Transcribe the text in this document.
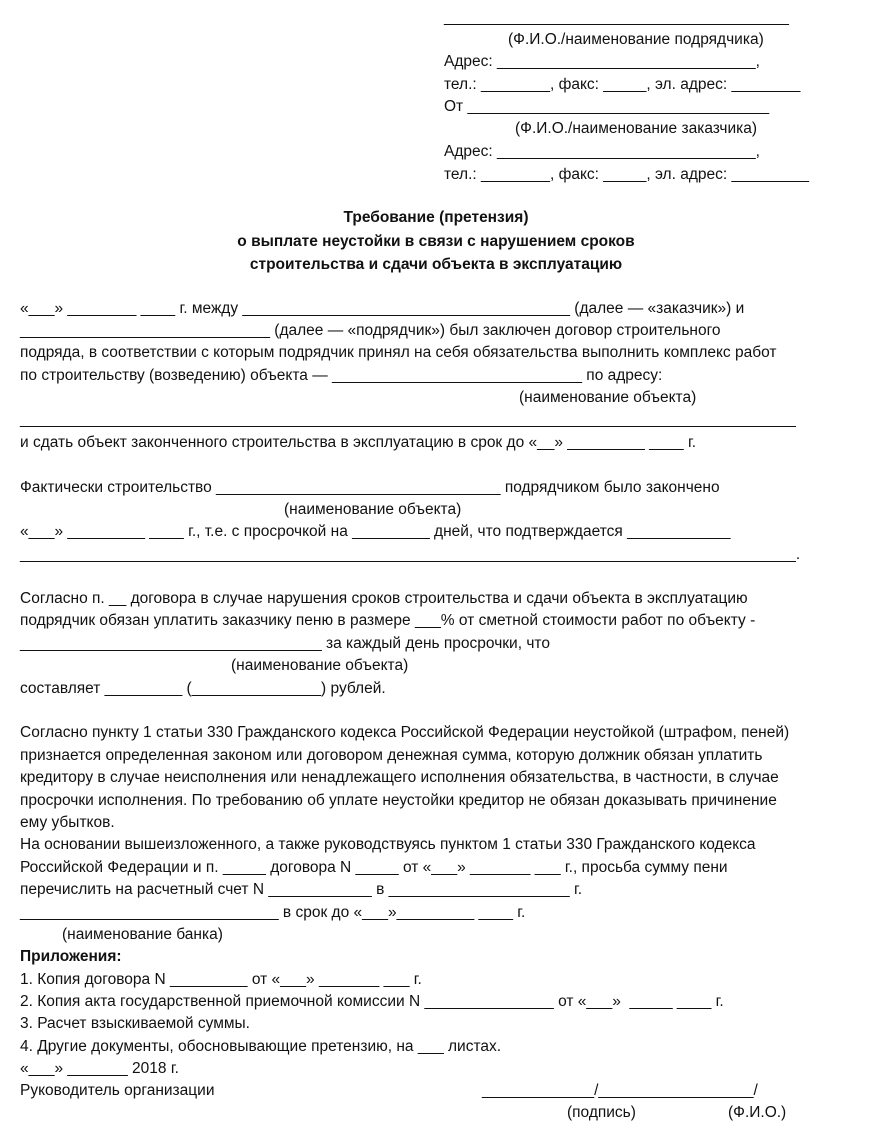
________________________________________
(Ф.И.О./наименование подрядчика)
Адрес: ______________________________,
тел.: ________, факс: _____, эл. адрес: ________
От ___________________________________
(Ф.И.О./наименование заказчика)
Адрес: ______________________________,
тел.: ________, факс: _____, эл. адрес: _________
Требование (претензия)
о выплате неустойки в связи с нарушением сроков
строительства и сдачи объекта в эксплуатацию
«___» ________ ____ г. между ______________________________________ (далее — «заказчик») и
_____________________________ (далее — «подрядчик») был заключен договор строительного
подряда, в соответствии с которым подрядчик принял на себя обязательства выполнить комплекс работ
по строительству (возведению) объекта — _____________________________ по адресу:
(наименование объекта)
__________________________________________________________________________________________
и сдать объект законченного строительства в эксплуатацию в срок до «__» _________ ____ г.
Фактически строительство _________________________________ подрядчиком было закончено
(наименование объекта)
«___» _________ ____ г., т.е. с просрочкой на _________ дней, что подтверждается ____________
__________________________________________________________________________________________.
Согласно п. __ договора в случае нарушения сроков строительства и сдачи объекта в эксплуатацию
подрядчик обязан уплатить заказчику пеню в размере ___% от сметной стоимости работ по объекту -
___________________________________ за каждый день просрочки, что
(наименование объекта)
составляет _________ (_______________) рублей.
Согласно пункту 1 статьи 330 Гражданского кодекса Российской Федерации неустойкой (штрафом, пеней)
признается определенная законом или договором денежная сумма, которую должник обязан уплатить
кредитору в случае неисполнения или ненадлежащего исполнения обязательства, в частности, в случае
просрочки исполнения. По требованию об уплате неустойки кредитор не обязан доказывать причинение
ему убытков.
На основании вышеизложенного, а также руководствуясь пунктом 1 статьи 330 Гражданского кодекса
Российской Федерации и п. _____ договора N _____ от «___» _______ ___ г., просьба сумму пени
перечислить на расчетный счет N ____________ в _____________________ г.
______________________________ в срок до «___»_________ ____ г.
(наименование банка)
Приложения:
1. Копия договора N _________ от «___» _______ ___ г.
2. Копия акта государственной приемочной комиссии N _______________ от «___»  _____ ____ г.
3. Расчет взыскиваемой суммы.
4. Другие документы, обосновывающие претензию, на ___ листах.
«___» _______ 2018 г.
Руководитель организации	_____________/__________________/
(подпись)	(Ф.И.О.)
